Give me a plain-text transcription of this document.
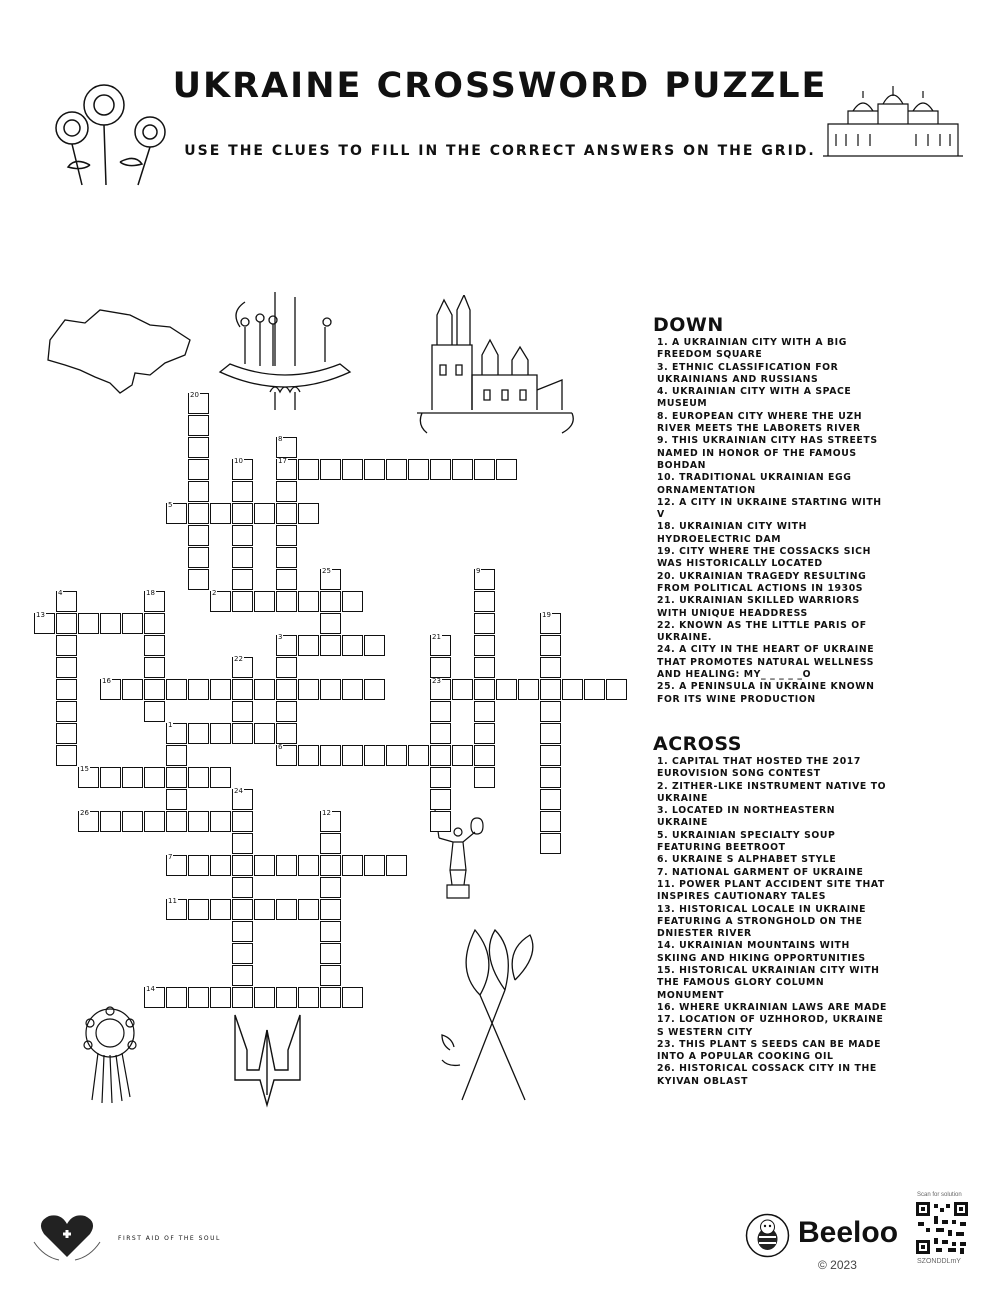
UKRAINE CROSSWORD PUZZLE

USE THE CLUES TO FILL IN THE CORRECT ANSWERS ON THE GRID.

20
8
10	17
5
25	9
4	18	2
13	19
3	21
22
16	23
1
6
15
24
26	12
7
11
14
DOWN
1. A UKRAINIAN CITY WITH A BIG FREEDOM SQUARE
3. ETHNIC CLASSIFICATION FOR UKRAINIANS AND RUSSIANS
4. UKRAINIAN CITY WITH A SPACE MUSEUM
8. EUROPEAN CITY WHERE THE UZH RIVER MEETS THE LABORETS RIVER
9. THIS UKRAINIAN CITY HAS STREETS NAMED IN HONOR OF THE FAMOUS BOHDAN
10. TRADITIONAL UKRAINIAN EGG ORNAMENTATION
12. A CITY IN UKRAINE STARTING WITH V
18. UKRAINIAN CITY WITH HYDROELECTRIC DAM
19. CITY WHERE THE COSSACKS SICH WAS HISTORICALLY LOCATED
20. UKRAINIAN TRAGEDY RESULTING FROM POLITICAL ACTIONS IN 1930S
21. UKRAINIAN SKILLED WARRIORS WITH UNIQUE HEADDRESS
22. KNOWN AS THE LITTLE PARIS OF UKRAINE.
24. A CITY IN THE HEART OF UKRAINE THAT PROMOTES NATURAL WELLNESS AND HEALING: MY_ _ _ _ _O
25. A PENINSULA IN UKRAINE KNOWN FOR ITS WINE PRODUCTION
ACROSS
1. CAPITAL THAT HOSTED THE 2017 EUROVISION SONG CONTEST
2. ZITHER-LIKE INSTRUMENT NATIVE TO UKRAINE
3. LOCATED IN NORTHEASTERN UKRAINE
5. UKRAINIAN SPECIALTY SOUP FEATURING BEETROOT
6. UKRAINE S ALPHABET STYLE
7. NATIONAL GARMENT OF UKRAINE
11. POWER PLANT ACCIDENT SITE THAT INSPIRES CAUTIONARY TALES
13. HISTORICAL LOCALE IN UKRAINE FEATURING A STRONGHOLD ON THE DNIESTER RIVER
14. UKRAINIAN MOUNTAINS WITH SKIING AND HIKING OPPORTUNITIES
15. HISTORICAL UKRAINIAN CITY WITH THE FAMOUS GLORY COLUMN MONUMENT
16. WHERE UKRAINIAN LAWS ARE MADE
17. LOCATION OF UZHHOROD, UKRAINE S WESTERN CITY
23. THIS PLANT S SEEDS CAN BE MADE INTO A POPULAR COOKING OIL
26. HISTORICAL COSSACK CITY IN THE KYIVAN OBLAST
FIRST AID OF THE SOUL	Beeloo
© 2023
Scan for solution
SZONDDLmY
